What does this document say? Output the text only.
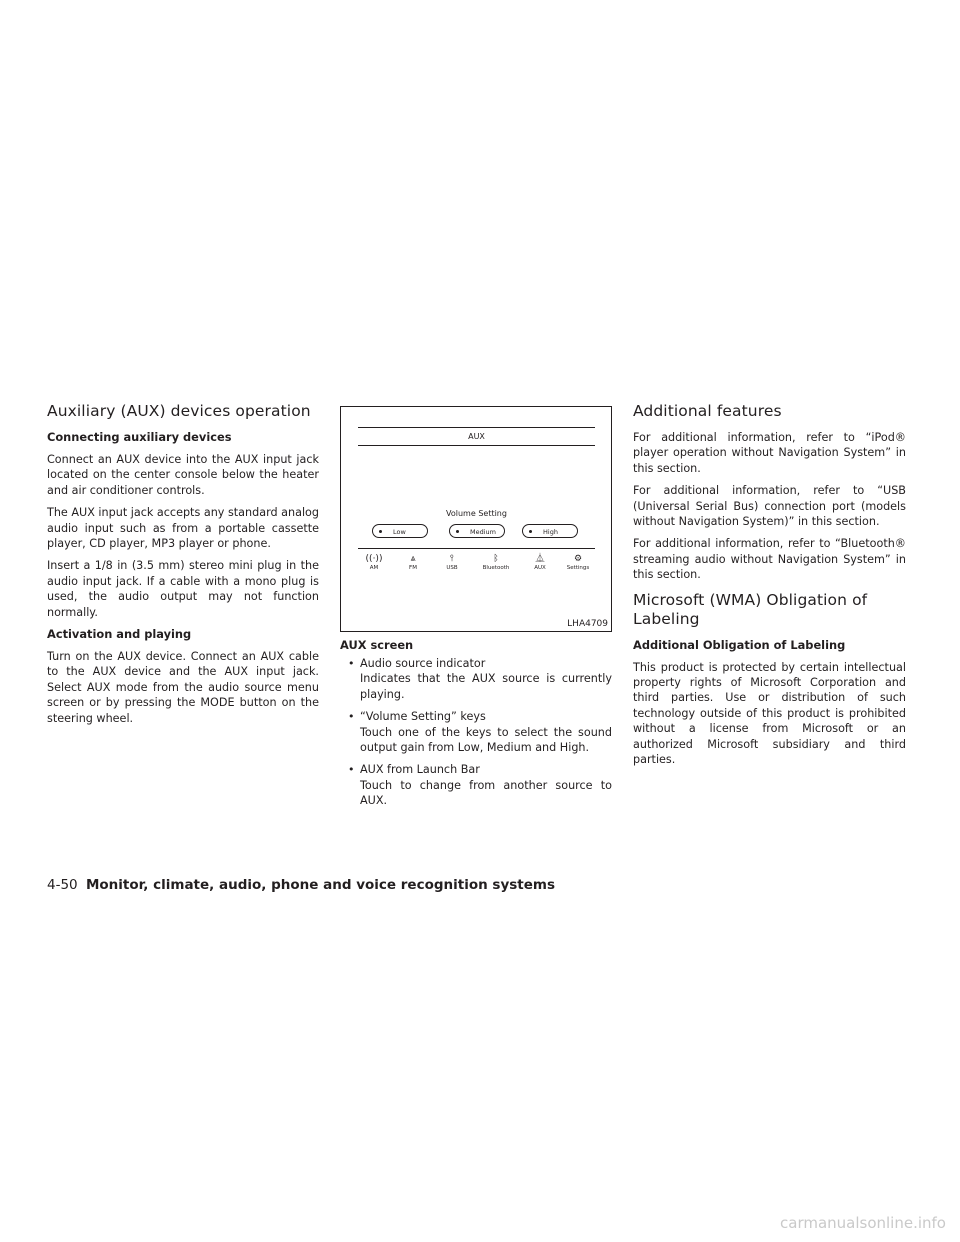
Auxiliary (AUX) devices operation
Connecting auxiliary devices

Connect an AUX device into the AUX input jack located on the center console below the heater and air conditioner controls.

The AUX input jack accepts any standard analog audio input such as from a portable cassette player, CD player, MP3 player or phone.

Insert a 1/8 in (3.5 mm) stereo mini plug in the audio input jack. If a cable with a mono plug is used, the audio output may not function normally.

Activation and playing

Turn on the AUX device. Connect an AUX cable to the AUX device and the AUX input jack. Select AUX mode from the audio source menu screen or by pressing the MODE button on the steering wheel.

AUX
Volume Setting
Low	Medium	High
((·))
AM
⩓
FM
⫯
USB
ᛒ
Bluetooth
⏅
AUX
⚙
Settings
LHA4709
AUX screen
• Audio source indicator
Indicates that the AUX source is currently playing.
• “Volume Setting” keys
Touch one of the keys to select the sound output gain from Low, Medium and High.
• AUX from Launch Bar
Touch to change from another source to AUX.
Additional features

For additional information, refer to “iPod® player operation without Navigation System” in this section.

For additional information, refer to “USB (Universal Serial Bus) connection port (models without Navigation System)” in this section.

For additional information, refer to “Bluetooth® streaming audio without Navigation System” in this section.

Microsoft (WMA) Obligation of Labeling
Additional Obligation of Labeling

This product is protected by certain intellectual property rights of Microsoft Corporation and third parties. Use or distribution of such technology outside of this product is prohibited without a license from Microsoft or an authorized Microsoft subsidiary and third parties.

4-50 Monitor, climate, audio, phone and voice recognition systems
carmanualsonline.info
